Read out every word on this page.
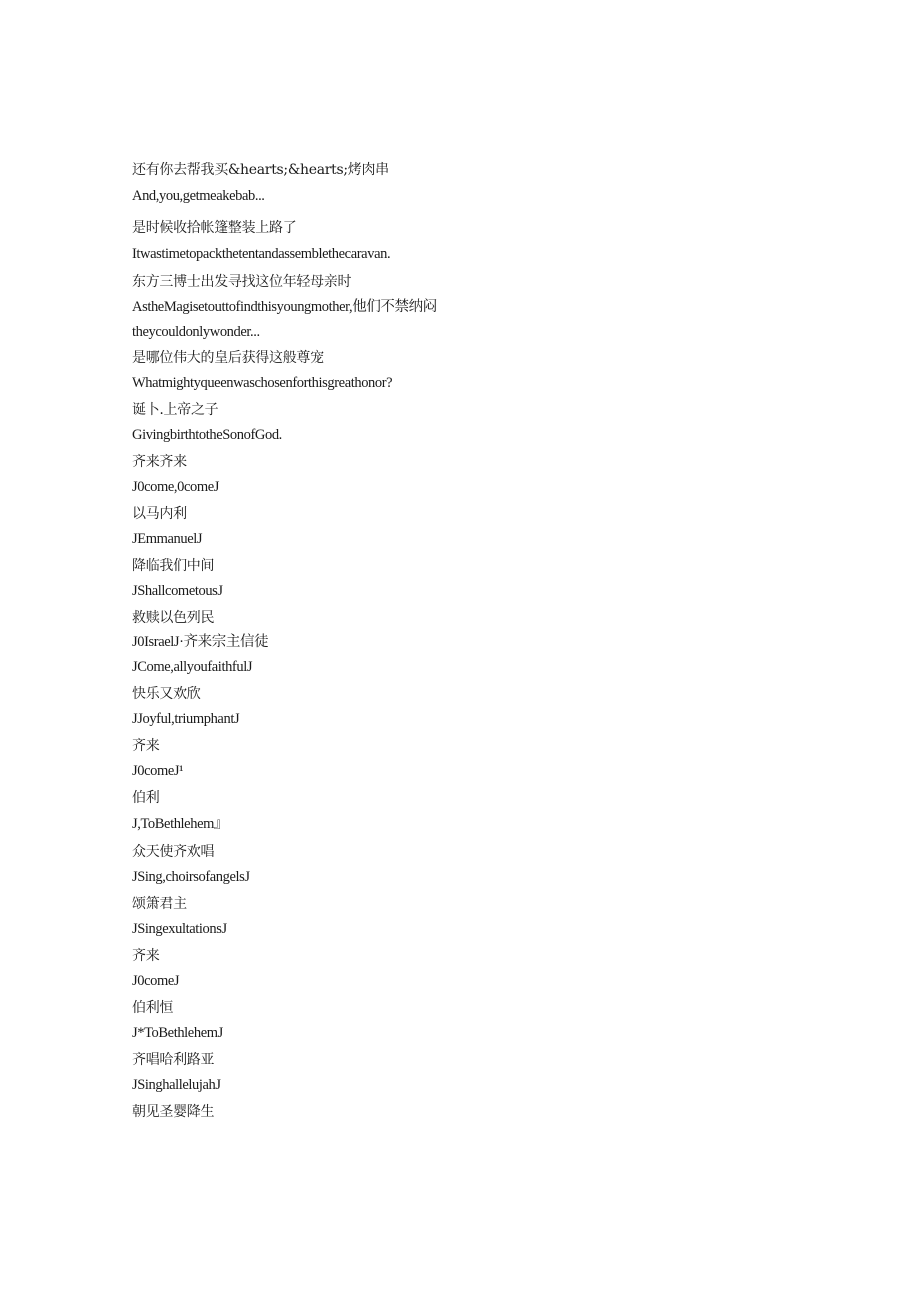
还有你去帮我买&hearts;&hearts;烤肉串
And,you,getmeakebab...
是时候收拾帐篷整装上路了
Itwastimetopackthetentandassemblethecaravan.
东方三博士出发寻找这位年轻母亲时
AstheMagisetouttofindthisyoungmother,他们不禁纳闷
theycouldonlywonder...
是哪位伟大的皇后获得这般尊宠
Whatmightyqueenwaschosenforthisgreathonor?
诞卜.上帝之子
GivingbirthtotheSonofGod.
齐来齐来
J0come,0comeJ
以马内利
JEmmanuelJ
降临我们中间
JShallcometousJ
救赎以色列民
J0IsraelJ·齐来宗主信徒
JCome,allyoufaithfulJ
快乐又欢欣
JJoyful,triumphantJ
齐来
J0comeJ¹
伯利
J,ToBethlehem』
众天使齐欢唱
JSing,choirsofangelsJ
颂箫君主
JSingexultationsJ
齐来
J0comeJ
伯利恒
J*ToBethlehemJ
齐唱哈利路亚
JSinghallelujahJ
朝见圣婴降生
